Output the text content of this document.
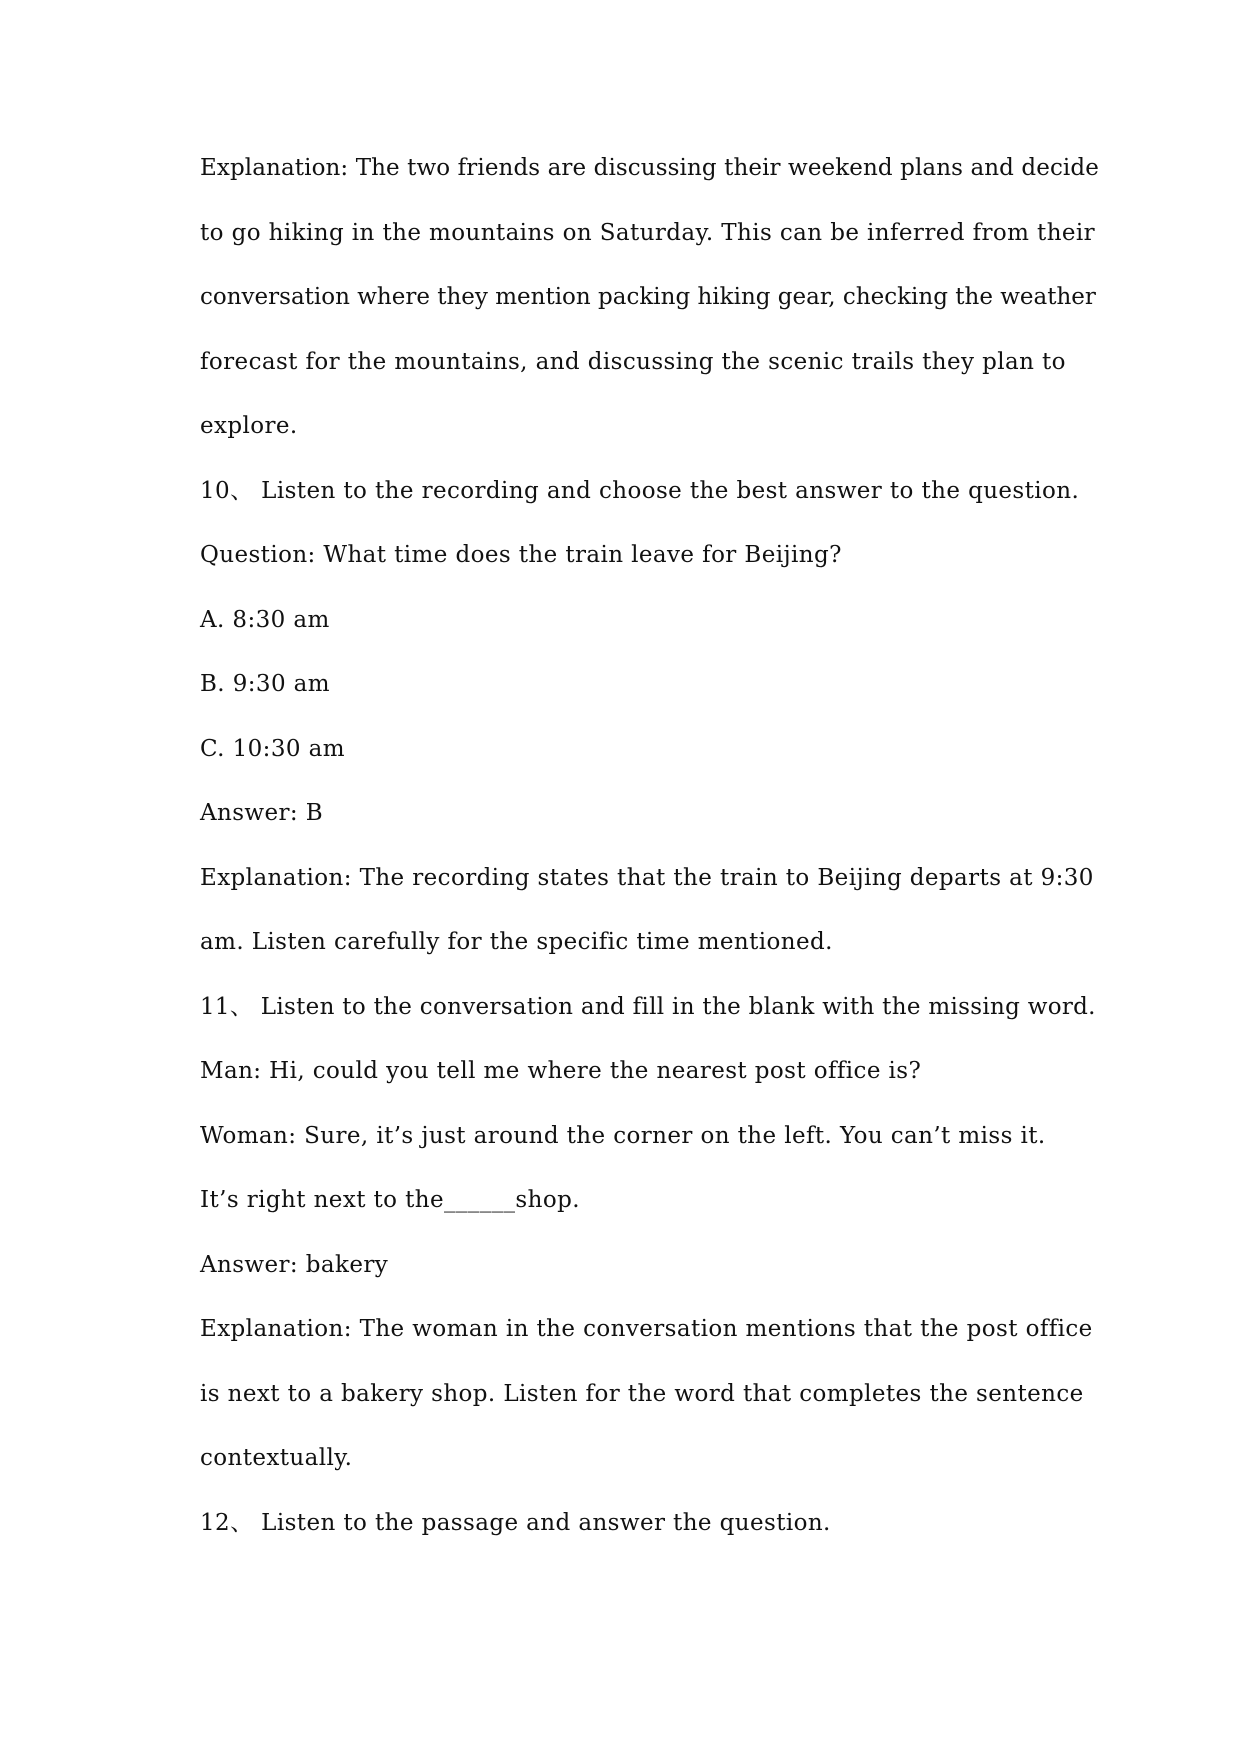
Explanation: The two friends are discussing their weekend plans and decide
to go hiking in the mountains on Saturday. This can be inferred from their
conversation where they mention packing hiking gear, checking the weather
forecast for the mountains, and discussing the scenic trails they plan to
explore.
10、 Listen to the recording and choose the best answer to the question.
Question: What time does the train leave for Beijing?
A. 8:30 am
B. 9:30 am
C. 10:30 am
Answer: B
Explanation: The recording states that the train to Beijing departs at 9:30
am. Listen carefully for the specific time mentioned.
11、 Listen to the conversation and fill in the blank with the missing word.
Man: Hi, could you tell me where the nearest post office is?
Woman: Sure, it’s just around the corner on the left. You can’t miss it.
It’s right next to the______shop.
Answer: bakery
Explanation: The woman in the conversation mentions that the post office
is next to a bakery shop. Listen for the word that completes the sentence
contextually.
12、 Listen to the passage and answer the question.
